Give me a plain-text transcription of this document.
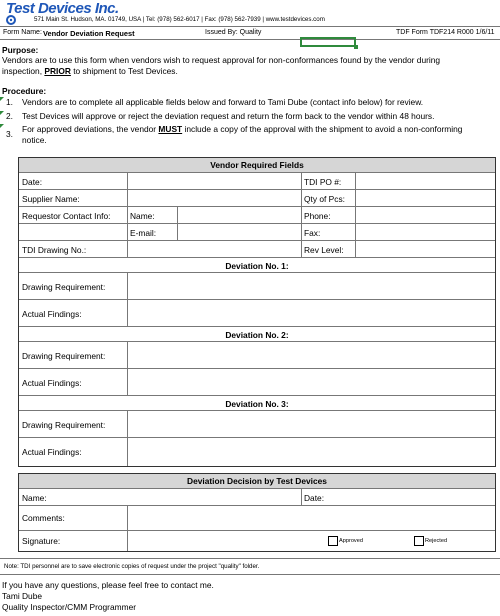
Test Devices Inc.
571 Main St. Hudson, MA. 01749, USA | Tel: (978) 562-6017 | Fax: (978) 562-7939 | www.testdevices.com
Form Name: Vendor Deviation Request	Issued By: Quality	TDF Form TDF214 R000 1/6/11
Purpose:
Vendors are to use this form when vendors wish to request approval for non-conformances found by the vendor during
inspection, PRIOR to shipment to Test Devices.
Procedure:
1. Vendors are to complete all applicable fields below and forward to Tami Dube (contact info below) for review.
2. Test Devices will approve or reject the deviation request and return the form back to the vendor within 48 hours.
3. For approved deviations, the vendor MUST include a copy of the approval with the shipment to avoid a non-conforming
notice.
Vendor Required Fields
Date:	TDI PO #:
Supplier Name:	Qty of Pcs:
Requestor Contact Info: Name:	Phone:
E-mail:	Fax:
TDI Drawing No.:	Rev Level:
Deviation No. 1:
Drawing Requirement:
Actual Findings:
Deviation No. 2:
Drawing Requirement:
Actual Findings:
Deviation No. 3:
Drawing Requirement:
Actual Findings:
Deviation Decision by Test Devices
Name:	Date:
Comments:
Signature:	Approved	Rejected
Note: TDI personnel are to save electronic copies of request under the project "quality" folder.
If you have any questions, please feel free to contact me.
Tami Dube
Quality Inspector/CMM Programmer
